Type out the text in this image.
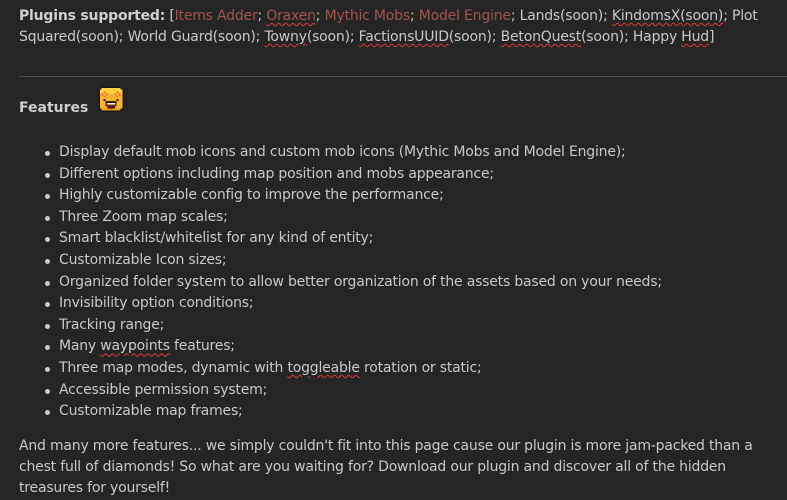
Plugins supported: [Items Adder; Oraxen; Mythic Mobs; Model Engine; Lands(soon); KindomsX(soon); Plot Squared(soon); World Guard(soon); Towny(soon); FactionsUUID(soon); BetonQuest(soon); Happy Hud]
Features
Display default mob icons and custom mob icons (Mythic Mobs and Model Engine);
Different options including map position and mobs appearance;
Highly customizable config to improve the performance;
Three Zoom map scales;
Smart blacklist/whitelist for any kind of entity;
Customizable Icon sizes;
Organized folder system to allow better organization of the assets based on your needs;
Invisibility option conditions;
Tracking range;
Many waypoints features;
Three map modes, dynamic with toggleable rotation or static;
Accessible permission system;
Customizable map frames;
And many more features... we simply couldn't fit into this page cause our plugin is more jam-packed than a chest full of diamonds! So what are you waiting for? Download our plugin and discover all of the hidden treasures for yourself!
